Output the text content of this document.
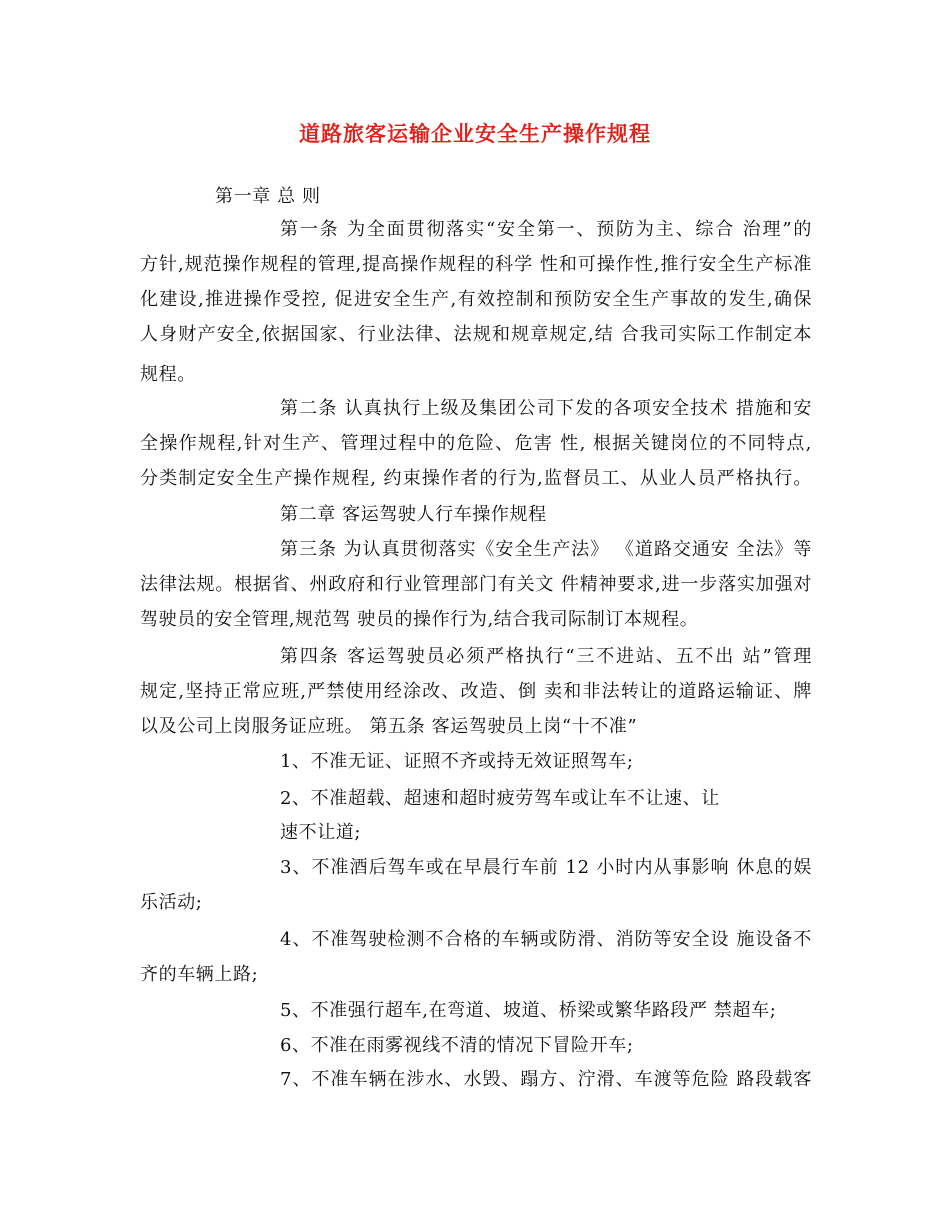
道路旅客运输企业安全生产操作规程
第一章 总 则
第一条 为全面贯彻落实“安全第一、预防为主、综合 治理”的
方针,规范操作规程的管理,提高操作规程的科学 性和可操作性,推行安全生产标准
化建设,推进操作受控, 促进安全生产,有效控制和预防安全生产事故的发生,确保
人身财产安全,依据国家、行业法律、法规和规章规定,结 合我司实际工作制定本
规程。
第二条 认真执行上级及集团公司下发的各项安全技术 措施和安
全操作规程,针对生产、管理过程中的危险、危害 性, 根据关键岗位的不同特点,
分类制定安全生产操作规程, 约束操作者的行为,监督员工、从业人员严格执行。
第二章 客运驾驶人行车操作规程
第三条 为认真贯彻落实《安全生产法》 《道路交通安 全法》等
法律法规。根据省、州政府和行业管理部门有关文 件精神要求,进一步落实加强对
驾驶员的安全管理,规范驾 驶员的操作行为,结合我司际制订本规程。
第四条 客运驾驶员必须严格执行“三不进站、五不出 站”管理
规定,坚持正常应班,严禁使用经涂改、改造、倒 卖和非法转让的道路运输证、牌
以及公司上岗服务证应班。 第五条 客运驾驶员上岗“十不准”
1、不准无证、证照不齐或持无效证照驾车;
2、不准超载、超速和超时疲劳驾车或让车不让速、让
速不让道;
3、不准酒后驾车或在早晨行车前 12 小时内从事影响 休息的娱
乐活动;
4、不准驾驶检测不合格的车辆或防滑、消防等安全设 施设备不
齐的车辆上路;
5、不准强行超车,在弯道、坡道、桥梁或繁华路段严 禁超车;
6、不准在雨雾视线不清的情况下冒险开车;
7、不准车辆在涉水、水毁、蹋方、泞滑、车渡等危险 路段载客
